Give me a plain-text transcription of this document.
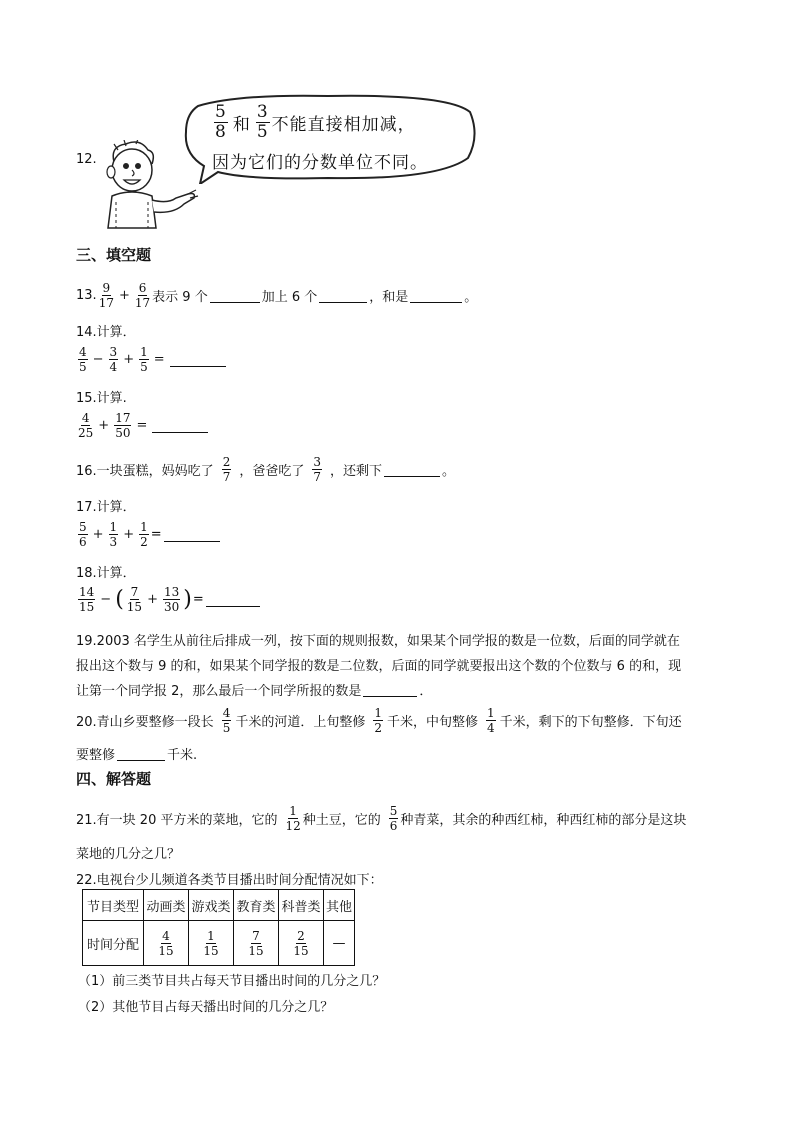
12.
$\frac{5}{8}$ 和 $\frac{3}{5}$ 不能直接相加减，
因为它们的分数单位不同。
三、填空题
13. $\frac{9}{17} + \frac{6}{17}$ 表示 9 个	加上 6 个	，和是	。
14.计算．
$\frac{4}{5} - \frac{3}{4} + \frac{1}{5}$ =
15.计算.
$\frac{4}{25} + \frac{17}{50}$ =
16.一块蛋糕，妈妈吃了 $\frac{2}{7}$ ，爸爸吃了 $\frac{3}{7}$ ，还剩下	。
17.计算．
$\frac{5}{6} + \frac{1}{3} + \frac{1}{2}$ =
18.计算．
$\frac{14}{15}$ − ( $\frac{7}{15} + \frac{13}{30}$ ) =
19.2003 名学生从前往后排成一列，按下面的规则报数，如果某个同学报的数是一位数，后面的同学就在
报出这个数与 9 的和，如果某个同学报的数是二位数，后面的同学就要报出这个数的个位数与 6 的和，现
让第一个同学报 2，那么最后一个同学所报的数是	．
20.青山乡要整修一段长 $\frac{4}{5}$ 千米的河道．上旬整修 $\frac{1}{2}$ 千米，中旬整修 $\frac{1}{4}$ 千米，剩下的下旬整修．下旬还
要整修	千米.
四、解答题
21.有一块 20 平方米的菜地，它的 $\frac{1}{12}$ 种土豆，它的 $\frac{5}{6}$ 种青菜，其余的种西红柿，种西红柿的部分是这块
菜地的几分之几？
22.电视台少儿频道各类节目播出时间分配情况如下：
节目类型	动画类	游戏类	教育类	科普类	其他
时间分配	$\frac{4}{15}$	$\frac{1}{15}$	$\frac{7}{15}$	$\frac{2}{15}$	—
（1）前三类节目共占每天节目播出时间的几分之几？
（2）其他节目占每天播出时间的几分之几？
